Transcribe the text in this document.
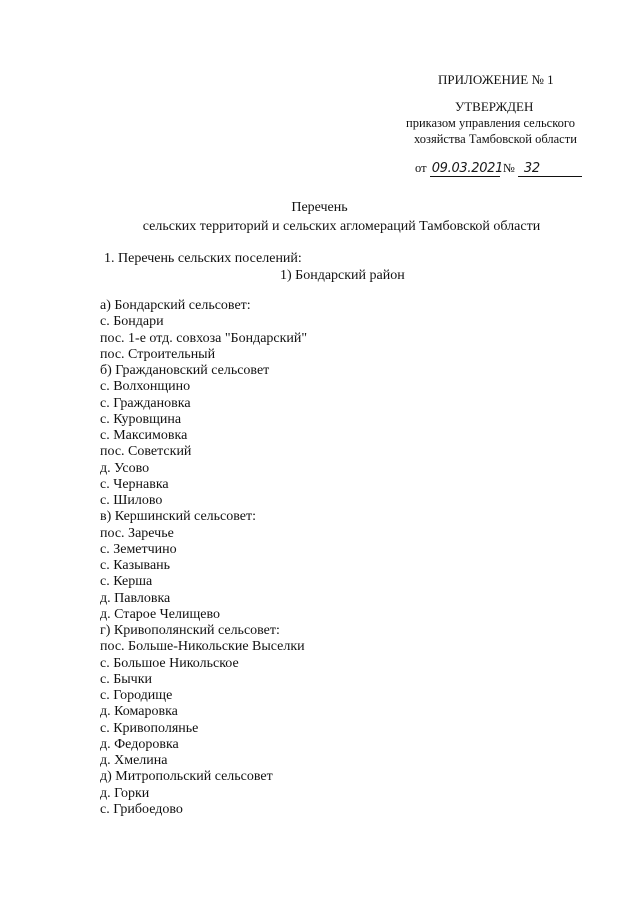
ПРИЛОЖЕНИЕ № 1
УТВЕРЖДЕН
приказом управления сельского
хозяйства Тамбовской области
от 09.03.2021 № 32
Перечень
сельских территорий и сельских агломераций Тамбовской области
1. Перечень сельских поселений:
1) Бондарский район
а) Бондарский сельсовет:
с. Бондари
пос. 1-е отд. совхоза "Бондарский"
пос. Строительный
б) Граждановский сельсовет
с. Волхонщино
с. Граждановка
с. Куровщина
с. Максимовка
пос. Советский
д. Усово
с. Чернавка
с. Шилово
в) Кершинский сельсовет:
пос. Заречье
с. Земетчино
с. Казывань
с. Керша
д. Павловка
д. Старое Челищево
г) Кривополянский сельсовет:
пос. Больше-Никольские Выселки
с. Большое Никольское
с. Бычки
с. Городище
д. Комаровка
с. Кривополянье
д. Федоровка
д. Хмелина
д) Митропольский сельсовет
д. Горки
с. Грибоедово
